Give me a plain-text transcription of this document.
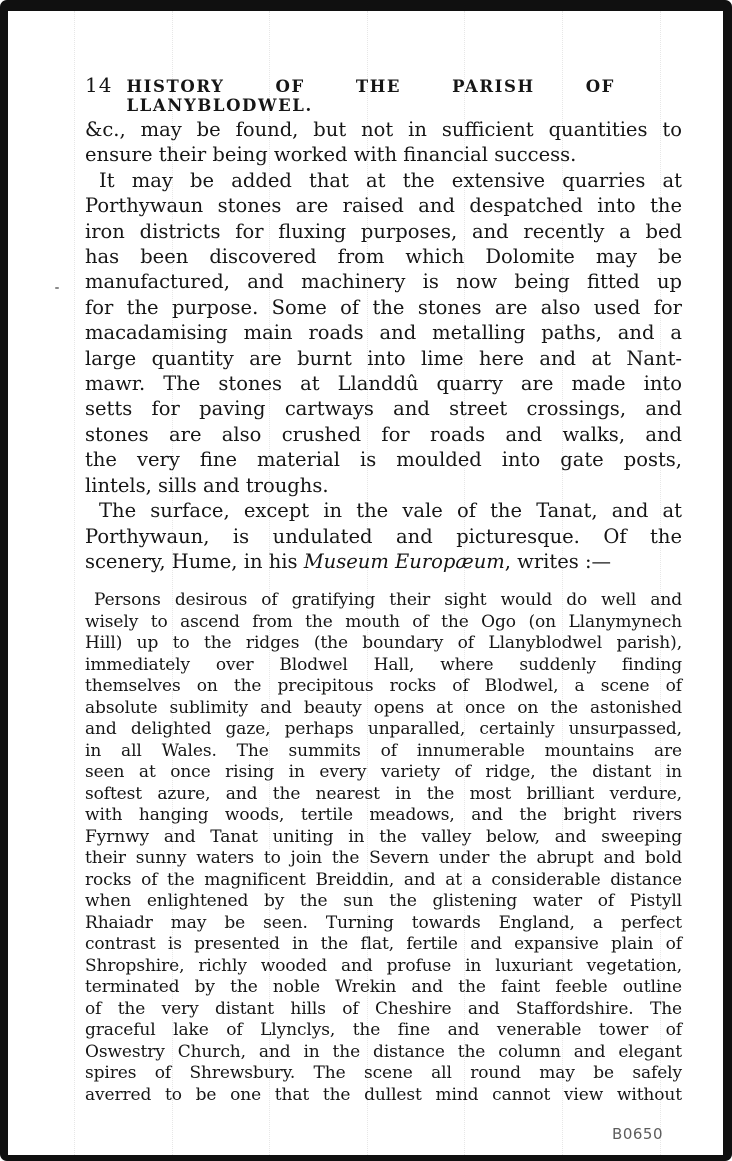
14 HISTORY OF THE PARISH OF LLANYBLODWEL.
&c., may be found, but not in sufficient quantities to
ensure their being worked with financial success.
It may be added that at the extensive quarries at
Porthywaun stones are raised and despatched into the
iron districts for fluxing purposes, and recently a bed
has been discovered from which Dolomite may be
manufactured, and machinery is now being fitted up
for the purpose. Some of the stones are also used for
macadamising main roads and metalling paths, and a
large quantity are burnt into lime here and at Nant-
mawr. The stones at Llanddû quarry are made into
setts for paving cartways and street crossings, and
stones are also crushed for roads and walks, and
the very fine material is moulded into gate posts,
lintels, sills and troughs.
The surface, except in the vale of the Tanat, and at
Porthywaun, is undulated and picturesque. Of the
scenery, Hume, in his Museum Europæum, writes :—
Persons desirous of gratifying their sight would do well and
wisely to ascend from the mouth of the Ogo (on Llanymynech
Hill) up to the ridges (the boundary of Llanyblodwel parish),
immediately over Blodwel Hall, where suddenly finding
themselves on the precipitous rocks of Blodwel, a scene of
absolute sublimity and beauty opens at once on the astonished
and delighted gaze, perhaps unparalled, certainly unsurpassed,
in all Wales. The summits of innumerable mountains are
seen at once rising in every variety of ridge, the distant in
softest azure, and the nearest in the most brilliant verdure,
with hanging woods, tertile meadows, and the bright rivers
Fyrnwy and Tanat uniting in the valley below, and sweeping
their sunny waters to join the Severn under the abrupt and bold
rocks of the magnificent Breiddin, and at a considerable distance
when enlightened by the sun the glistening water of Pistyll
Rhaiadr may be seen. Turning towards England, a perfect
contrast is presented in the flat, fertile and expansive plain of
Shropshire, richly wooded and profuse in luxuriant vegetation,
terminated by the noble Wrekin and the faint feeble outline
of the very distant hills of Cheshire and Staffordshire. The
graceful lake of Llynclys, the fine and venerable tower of
Oswestry Church, and in the distance the column and elegant
spires of Shrewsbury. The scene all round may be safely
averred to be one that the dullest mind cannot view without
B0650
